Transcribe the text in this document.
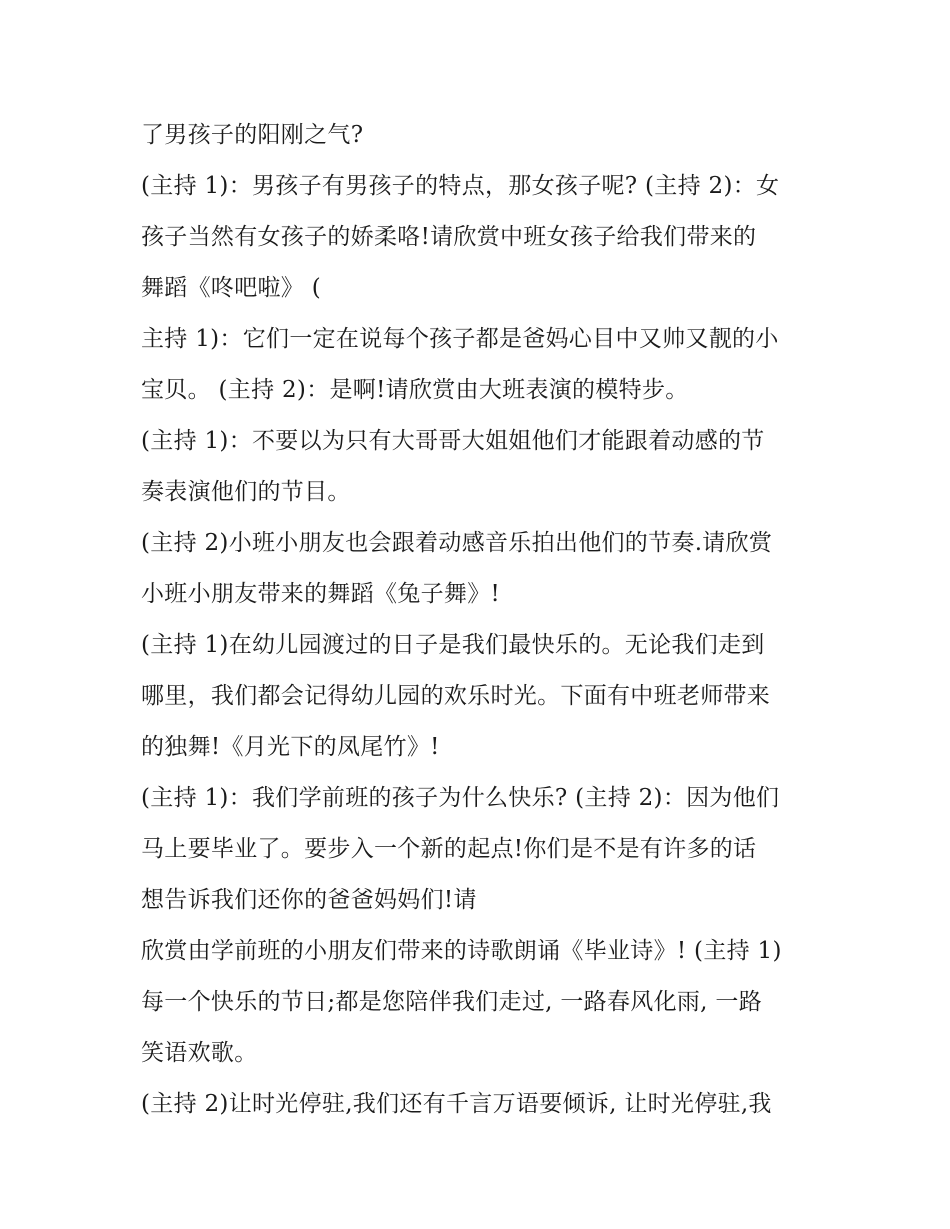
了男孩子的阳刚之气?
(主持 1)：男孩子有男孩子的特点，那女孩子呢? (主持 2)：女
孩子当然有女孩子的娇柔咯!请欣赏中班女孩子给我们带来的
舞蹈《咚吧啦》 (
主持 1)：它们一定在说每个孩子都是爸妈心目中又帅又靓的小
宝贝。 (主持 2)：是啊!请欣赏由大班表演的模特步。
(主持 1)：不要以为只有大哥哥大姐姐他们才能跟着动感的节
奏表演他们的节目。
(主持 2)小班小朋友也会跟着动感音乐拍出他们的节奏.请欣赏
小班小朋友带来的舞蹈《兔子舞》!
(主持 1)在幼儿园渡过的日子是我们最快乐的。无论我们走到
哪里，我们都会记得幼儿园的欢乐时光。下面有中班老师带来
的独舞!《月光下的凤尾竹》!
(主持 1)：我们学前班的孩子为什么快乐? (主持 2)：因为他们
马上要毕业了。要步入一个新的起点!你们是不是有许多的话
想告诉我们还你的爸爸妈妈们!请
欣赏由学前班的小朋友们带来的诗歌朗诵《毕业诗》! (主持 1)
每一个快乐的节日;都是您陪伴我们走过, 一路春风化雨, 一路
笑语欢歌。
(主持 2)让时光停驻,我们还有千言万语要倾诉, 让时光停驻,我
